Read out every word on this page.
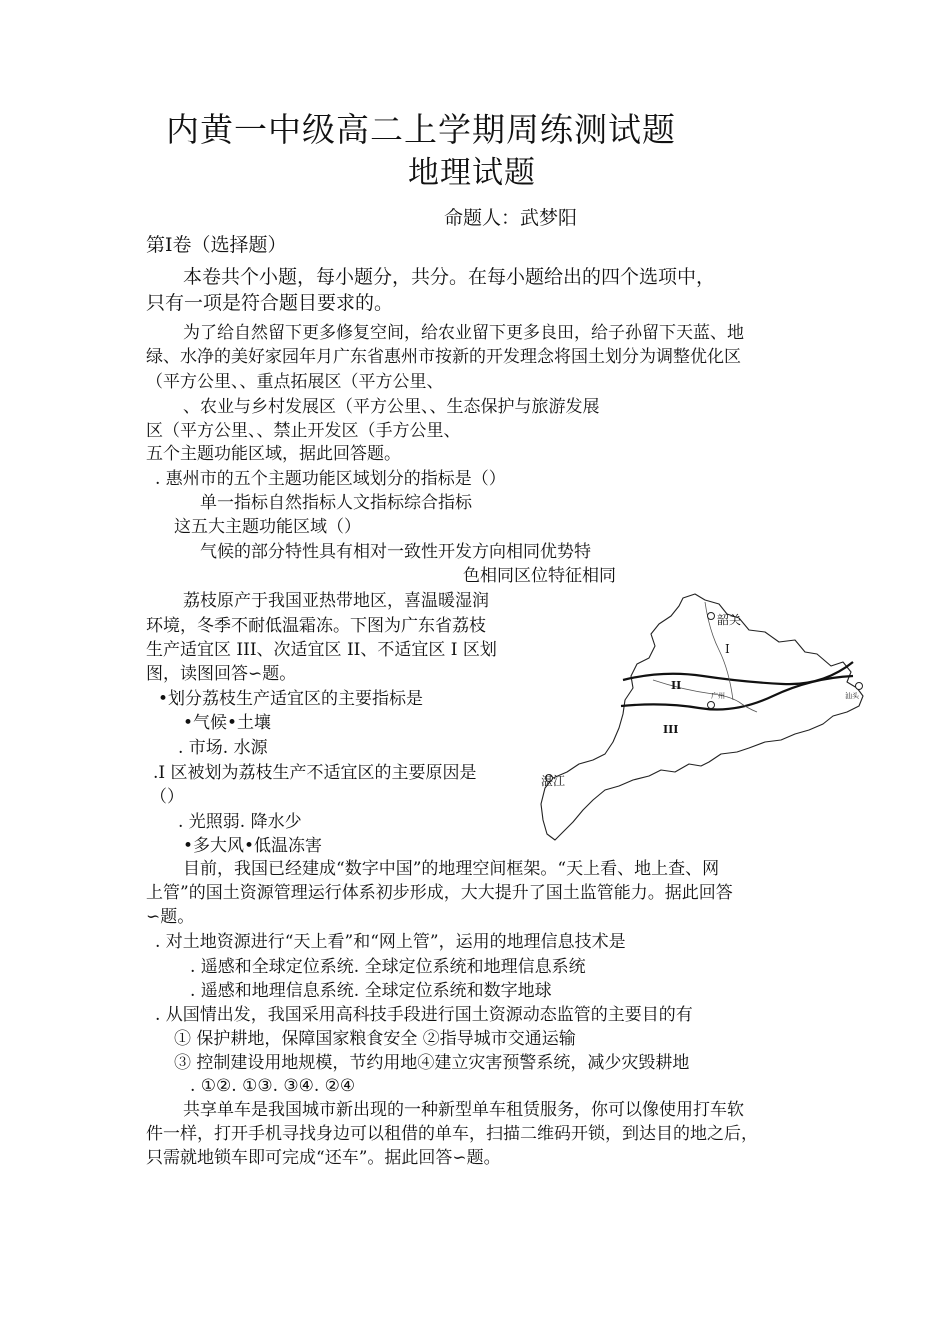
内黄一中级高二上学期周练测试题
地理试题
命题人：武梦阳
第I卷（选择题）
本卷共个小题，每小题分，共分。在每小题给出的四个选项中，
只有一项是符合题目要求的。
为了给自然留下更多修复空间，给农业留下更多良田，给子孙留下天蓝、地
绿、水净的美好家园年月广东省惠州市按新的开发理念将国土划分为调整优化区
（平方公里、、重点拓展区（平方公里、
、农业与乡村发展区（平方公里、、生态保护与旅游发展
区（平方公里、、禁止开发区（手方公里、
五个主题功能区域，据此回答题。
. 惠州市的五个主题功能区域划分的指标是（）
单一指标自然指标人文指标综合指标
这五大主题功能区域（）
气候的部分特性具有相对一致性开发方向相同优势特
色相同区位特征相同
荔枝原产于我国亚热带地区，喜温暖湿润
环境，冬季不耐低温霜冻。下图为广东省荔枝
生产适宜区 III、次适宜区 II、不适宜区 I 区划
图，读图回答∽题。
•划分荔枝生产适宜区的主要指标是
•气候•土壤
. 市场. 水源
.I 区被划为荔枝生产不适宜区的主要原因是
（）
. 光照弱. 降水少
•多大风•低温冻害
目前，我国已经建成“数字中国”的地理空间框架。“天上看、地上查、网
上管”的国土资源管理运行体系初步形成，大大提升了国土监管能力。据此回答
∽题。
. 对土地资源进行“天上看”和“网上管”，运用的地理信息技术是
. 遥感和全球定位系统. 全球定位系统和地理信息系统
. 遥感和地理信息系统. 全球定位系统和数字地球
. 从国情出发，我国采用高科技手段进行国土资源动态监管的主要目的有
① 保护耕地，保障国家粮食安全 ②指导城市交通运输
③ 控制建设用地规模，节约用地④建立灾害预警系统，减少灾毁耕地
. ①②. ①③. ③④. ②④
共享单车是我国城市新出现的一种新型单车租赁服务，你可以像使用打车软
件一样，打开手机寻找身边可以租借的单车，扫描二维码开锁，到达目的地之后，
只需就地锁车即可完成“还车”。据此回答∽题。
韶关
湛江
汕头
广州
I
II
III
